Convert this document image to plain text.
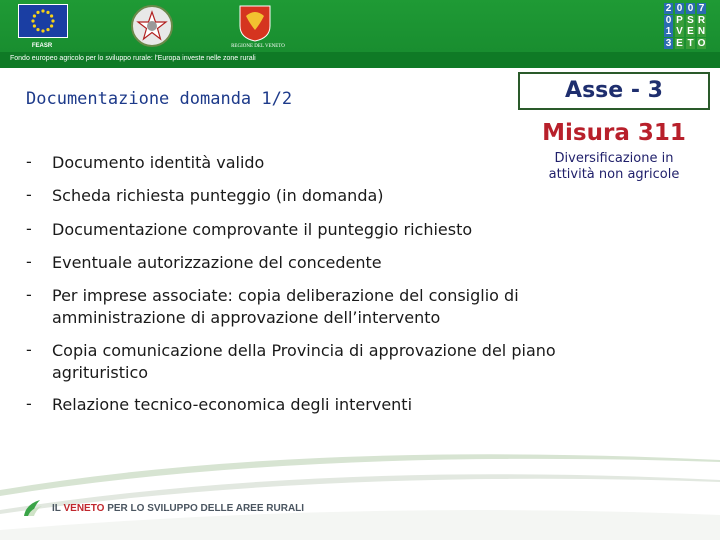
FEASR	REGIONE DEL VENETO
2 0 0 7
0 P S R
1 V E N
3 E T O
Fondo europeo agricolo per lo sviluppo rurale: l'Europa investe nelle zone rurali
Documentazione domanda 1/2	Asse - 3
Misura 311
Diversificazione in
attività non agricole
- Documento identità valido
- Scheda richiesta punteggio (in domanda)
- Documentazione comprovante il punteggio richiesto
- Eventuale autorizzazione del concedente
- Per imprese associate: copia deliberazione del consiglio di
amministrazione di approvazione dell’intervento
- Copia comunicazione della Provincia di approvazione del piano
agrituristico
- Relazione tecnico-economica degli interventi
IL VENETO PER LO SVILUPPO DELLE AREE RURALI
